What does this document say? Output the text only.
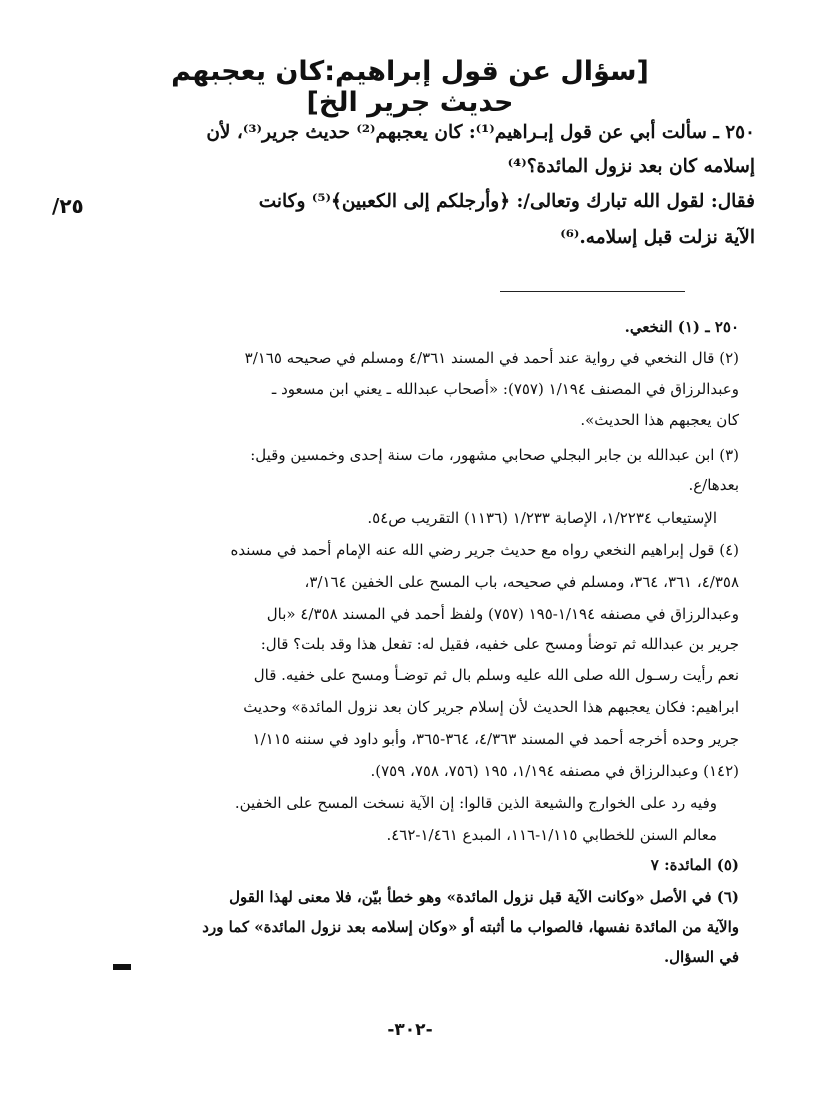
[سؤال عن قول إبراهيم:كان يعجبهم حديث جرير الخ]
/٢٥
٢٥٠ ـ سألت أبي عن قول إبـراهيم⁽¹⁾: كان يعجبهم⁽²⁾ حديث جرير⁽³⁾، لأن
إسلامه كان بعد نزول المائدة؟⁽⁴⁾
فقال: لقول الله تبارك وتعالى/: ﴿وأرجلكم إلى الكعبين﴾⁽⁵⁾ وكانت
الآية نزلت قبل إسلامه.⁽⁶⁾
٢٥٠ ـ (١) النخعي.
(٢) قال النخعي في رواية عند أحمد في المسند ٤/٣٦١ ومسلم في صحيحه ٣/١٦٥
وعبدالرزاق في المصنف ١/١٩٤ (٧٥٧): «أصحاب عبدالله ـ يعني ابن مسعود ـ
كان يعجبهم هذا الحديث».
(٣) ابن عبدالله بن جابر البجلي صحابي مشهور، مات سنة إحدى وخمسين وقيل:
بعدها/ع.
الإستيعاب ١/٢٢٣٤، الإصابة ١/٢٣٣ (١١٣٦) التقريب ص٥٤.
(٤) قول إبراهيم النخعي رواه مع حديث جرير رضي الله عنه الإمام أحمد في مسنده
٤/٣٥٨، ٣٦١، ٣٦٤، ومسلم في صحيحه، باب المسح على الخفين ٣/١٦٤،
وعبدالرزاق في مصنفه ١/١٩٤-١٩٥ (٧٥٧) ولفظ أحمد في المسند ٤/٣٥٨ «بال
جرير بن عبدالله ثم توضأ ومسح على خفيه، فقيل له: تفعل هذا وقد بلت؟ قال:
نعم رأيت رسـول الله صلى الله عليه وسلم بال ثم توضـأ ومسح على خفيه. قال
ابراهيم: فكان يعجبهم هذا الحديث لأن إسلام جرير كان بعد نزول المائدة» وحديث
جرير وحده أخرجه أحمد في المسند ٤/٣٦٣، ٣٦٤-٣٦٥، وأبو داود في سننه ١/١١٥
(١٤٢) وعبدالرزاق في مصنفه ١/١٩٤، ١٩٥ (٧٥٦، ٧٥٨، ٧٥٩).
وفيه رد على الخوارج والشيعة الذين قالوا: إن الآية نسخت المسح على الخفين.
معالم السنن للخطابي ١/١١٥-١١٦، المبدع ١/٤٦١-٤٦٢.
(٥) المائدة: ٧
(٦) في الأصل «وكانت الآية قبل نزول المائدة» وهو خطأ بيّن، فلا معنى لهذا القول
والآية من المائدة نفسها، فالصواب ما أثبته أو «وكان إسلامه بعد نزول المائدة» كما ورد
في السؤال.
-٣٠٢-
